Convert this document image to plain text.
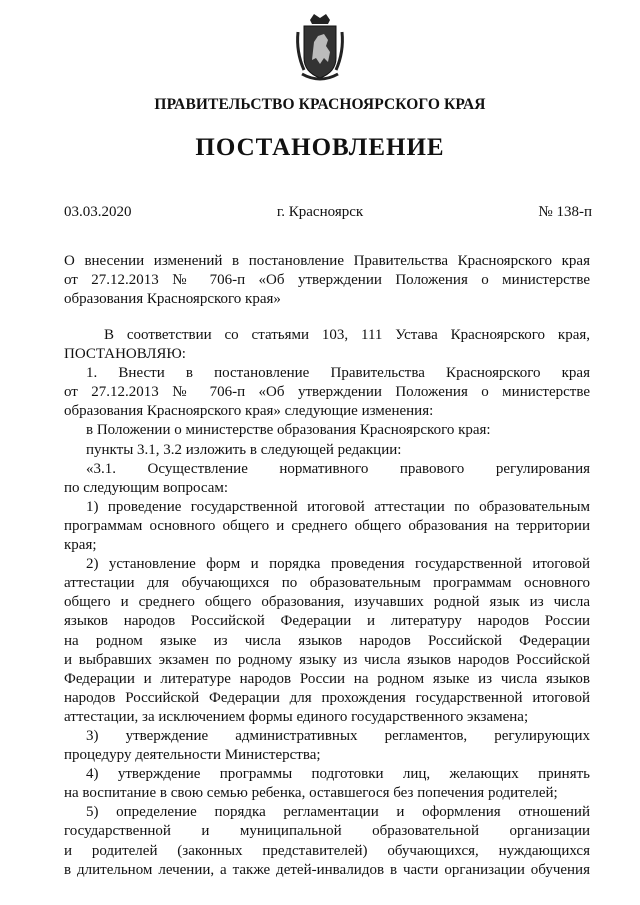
ПРАВИТЕЛЬСТВО КРАСНОЯРСКОГО КРАЯ
ПОСТАНОВЛЕНИЕ
г. Красноярск
03.03.2020	№ 138-п
О внесении изменений в постановление Правительства Красноярского края
от 27.12.2013 № 706-п «Об утверждении Положения о министерстве
образования Красноярского края»
В соответствии со статьями 103, 111 Устава Красноярского края,
ПОСТАНОВЛЯЮ:
1. Внести в постановление Правительства Красноярского края
от 27.12.2013 № 706-п «Об утверждении Положения о министерстве
образования Красноярского края» следующие изменения:
в Положении о министерстве образования Красноярского края:
пункты 3.1, 3.2 изложить в следующей редакции:
«3.1. Осуществление нормативного правового регулирования
по следующим вопросам:
1) проведение государственной итоговой аттестации по образовательным
программам основного общего и среднего общего образования на территории
края;
2) установление форм и порядка проведения государственной итоговой
аттестации для обучающихся по образовательным программам основного
общего и среднего общего образования, изучавших родной язык из числа
языков народов Российской Федерации и литературу народов России
на родном языке из числа языков народов Российской Федерации
и выбравших экзамен по родному языку из числа языков народов Российской
Федерации и литературе народов России на родном языке из числа языков
народов Российской Федерации для прохождения государственной итоговой
аттестации, за исключением формы единого государственного экзамена;
3) утверждение административных регламентов, регулирующих
процедуру деятельности Министерства;
4) утверждение программы подготовки лиц, желающих принять
на воспитание в свою семью ребенка, оставшегося без попечения родителей;
5) определение порядка регламентации и оформления отношений
государственной и муниципальной образовательной организации
и родителей (законных представителей) обучающихся, нуждающихся
в длительном лечении, а также детей-инвалидов в части организации обучения
